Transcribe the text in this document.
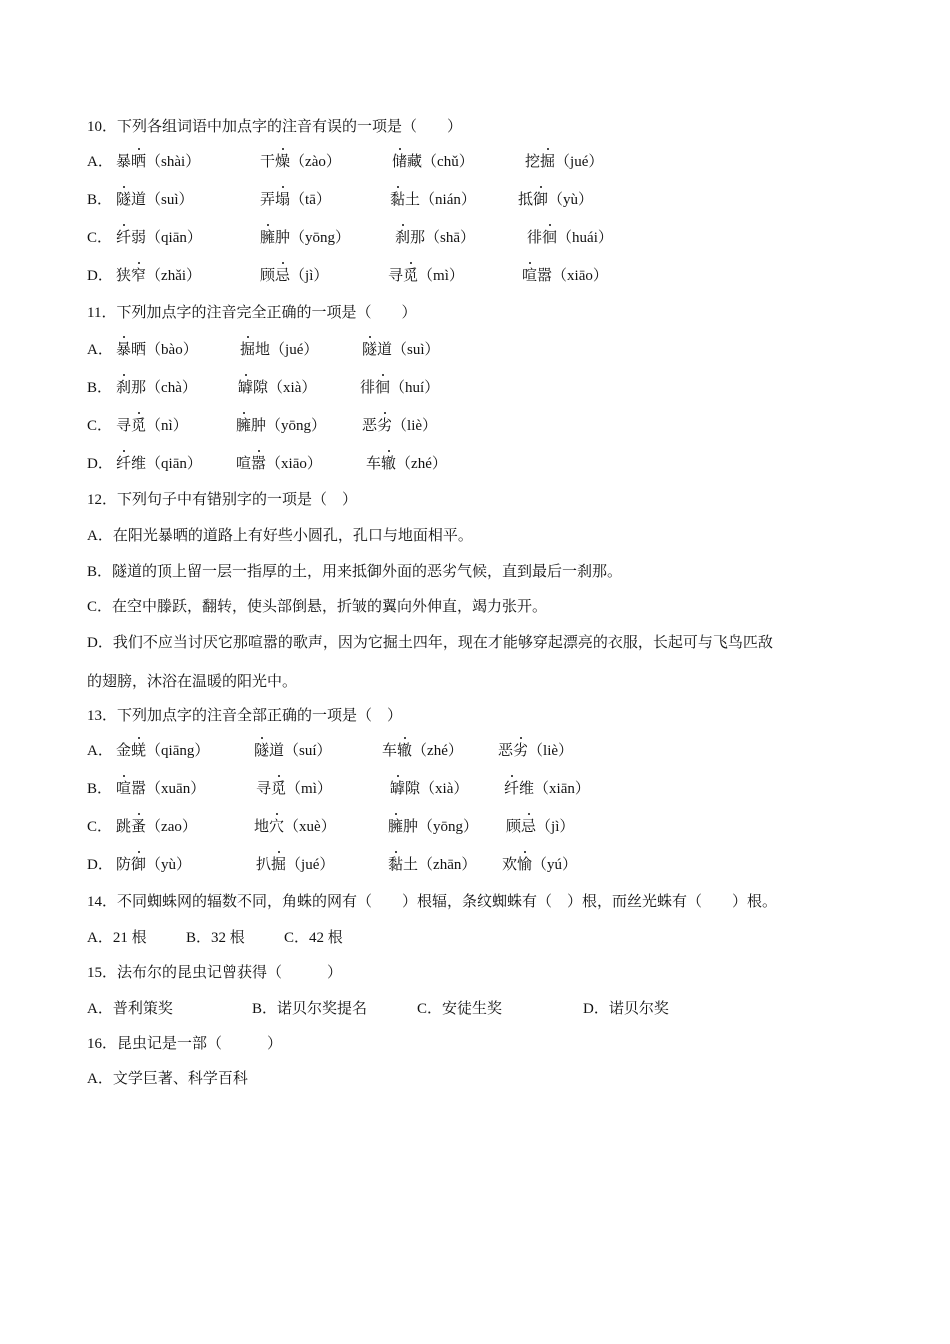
10．下列各组词语中加点字的注音有误的一项是（　　）
A． 暴晒（shài）	干燥（zào）	储藏（chǔ）	挖掘（jué）
B． 隧道（suì）	弄塌（tā）	黏土（nián）	抵御（yù）
C． 纤弱（qiān）	臃肿（yōng）	刹那（shā）	徘徊（huái）
D． 狭窄（zhǎi）	顾忌（jì）	寻觅（mì）	喧嚣（xiāo）
11．下列加点字的注音完全正确的一项是（　　）
A． 暴晒（bào）	掘地（jué）	隧道（suì）
B． 刹那（chà）	罅隙（xià）	徘徊（huí）
C． 寻觅（nì）	臃肿（yōng） 恶劣（liè）
D． 纤维（qiān） 喧嚣（xiāo）	车辙（zhé）
12．下列句子中有错别字的一项是（　）
A．在阳光暴晒的道路上有好些小圆孔，孔口与地面相平。
B．隧道的顶上留一层一指厚的土，用来抵御外面的恶劣气候，直到最后一刹那。
C．在空中滕跃，翻转，使头部倒悬，折皱的翼向外伸直，竭力张开。
D．我们不应当讨厌它那喧嚣的歌声，因为它掘土四年，现在才能够穿起漂亮的衣服，长起可与飞鸟匹敌
的翅膀，沐浴在温暖的阳光中。
13．下列加点字的注音全部正确的一项是（　）
A． 金蜣（qiāng）	隧道（suí）	车辙（zhé） 恶劣（liè）
B． 喧嚣（xuān）	寻觅（mì）	罅隙（xià） 纤维（xiān）
C． 跳蚤（zao）	地穴（xuè）	臃肿（yōng） 顾忌（jì）
D． 防御（yù）	扒掘（jué）	黏土（zhān） 欢愉（yú）
14．不同蜘蛛网的辐数不同，角蛛的网有（　　）根辐，条纹蜘蛛有（　）根，而丝光蛛有（　　）根。
A．21 根	B．32 根	C．42 根
15．法布尔的昆虫记曾获得（　　　）
A．普利策奖	B．诺贝尔奖提名	C．安徒生奖	D．诺贝尔奖
16．昆虫记是一部（　　　）
A．文学巨著、科学百科
